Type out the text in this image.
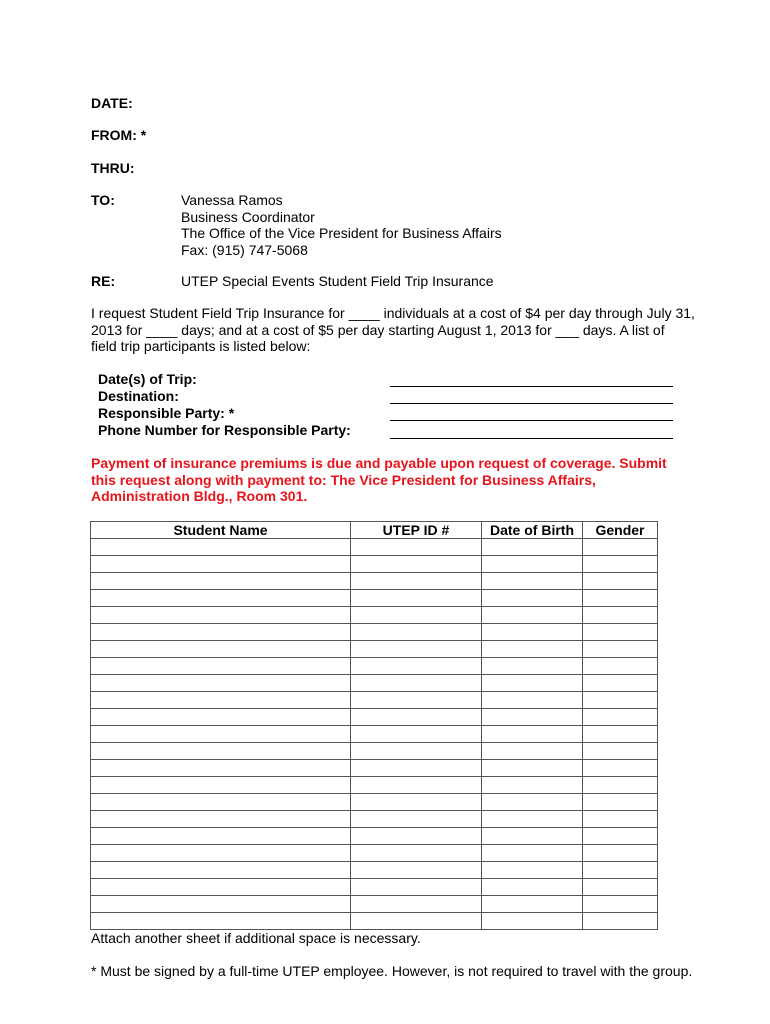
DATE:
FROM: *
THRU:
TO:	Vanessa Ramos
Business Coordinator
The Office of the Vice President for Business Affairs
Fax: (915) 747-5068
RE:	UTEP Special Events Student Field Trip Insurance
I request Student Field Trip Insurance for ____ individuals at a cost of $4 per day through July 31,
2013 for ____ days; and at a cost of $5 per day starting August 1, 2013 for ___ days. A list of
field trip participants is listed below:
Date(s) of Trip:
Destination:
Responsible Party: *
Phone Number for Responsible Party:
Payment of insurance premiums is due and payable upon request of coverage. Submit
this request along with payment to: The Vice President for Business Affairs,
Administration Bldg., Room 301.
Student Name	UTEP ID #	Date of Birth	Gender

Attach another sheet if additional space is necessary.
* Must be signed by a full-time UTEP employee. However, is not required to travel with the group.
